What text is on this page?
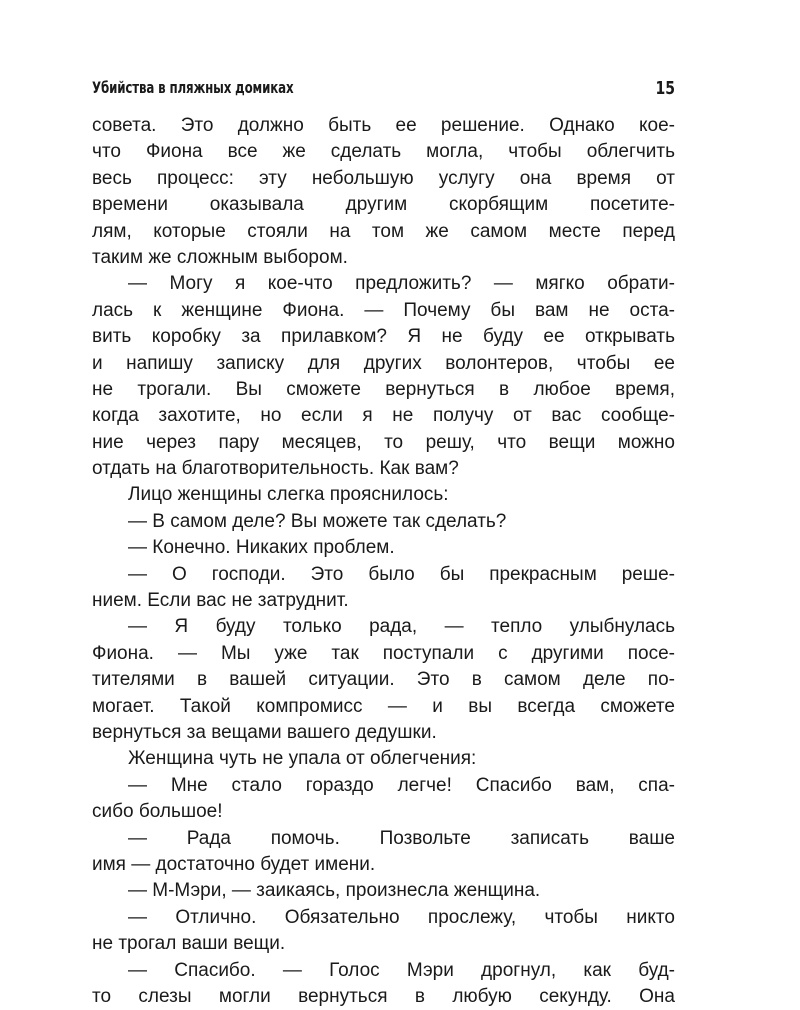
Убийства в пляжных домиках	15
совета. Это должно быть ее решение. Однако кое-
что Фиона все же сделать могла, чтобы облегчить
весь процесс: эту небольшую услугу она время от
времени оказывала другим скорбящим посетите-
лям, которые стояли на том же самом месте перед
таким же сложным выбором.
— Могу я кое-что предложить? — мягко обрати-
лась к женщине Фиона. — Почему бы вам не оста-
вить коробку за прилавком? Я не буду ее открывать
и напишу записку для других волонтеров, чтобы ее
не трогали. Вы сможете вернуться в любое время,
когда захотите, но если я не получу от вас сообще-
ние через пару месяцев, то решу, что вещи можно
отдать на благотворительность. Как вам?
Лицо женщины слегка прояснилось:
— В самом деле? Вы можете так сделать?
— Конечно. Никаких проблем.
— О господи. Это было бы прекрасным реше-
нием. Если вас не затруднит.
— Я буду только рада, — тепло улыбнулась
Фиона. — Мы уже так поступали с другими посе-
тителями в вашей ситуации. Это в самом деле по-
могает. Такой компромисс — и вы всегда сможете
вернуться за вещами вашего дедушки.
Женщина чуть не упала от облегчения:
— Мне стало гораздо легче! Спасибо вам, спа-
сибо большое!
— Рада помочь. Позвольте записать ваше
имя — достаточно будет имени.
— М-Мэри, — заикаясь, произнесла женщина.
— Отлично. Обязательно прослежу, чтобы никто
не трогал ваши вещи.
— Спасибо. — Голос Мэри дрогнул, как буд-
то слезы могли вернуться в любую секунду. Она
